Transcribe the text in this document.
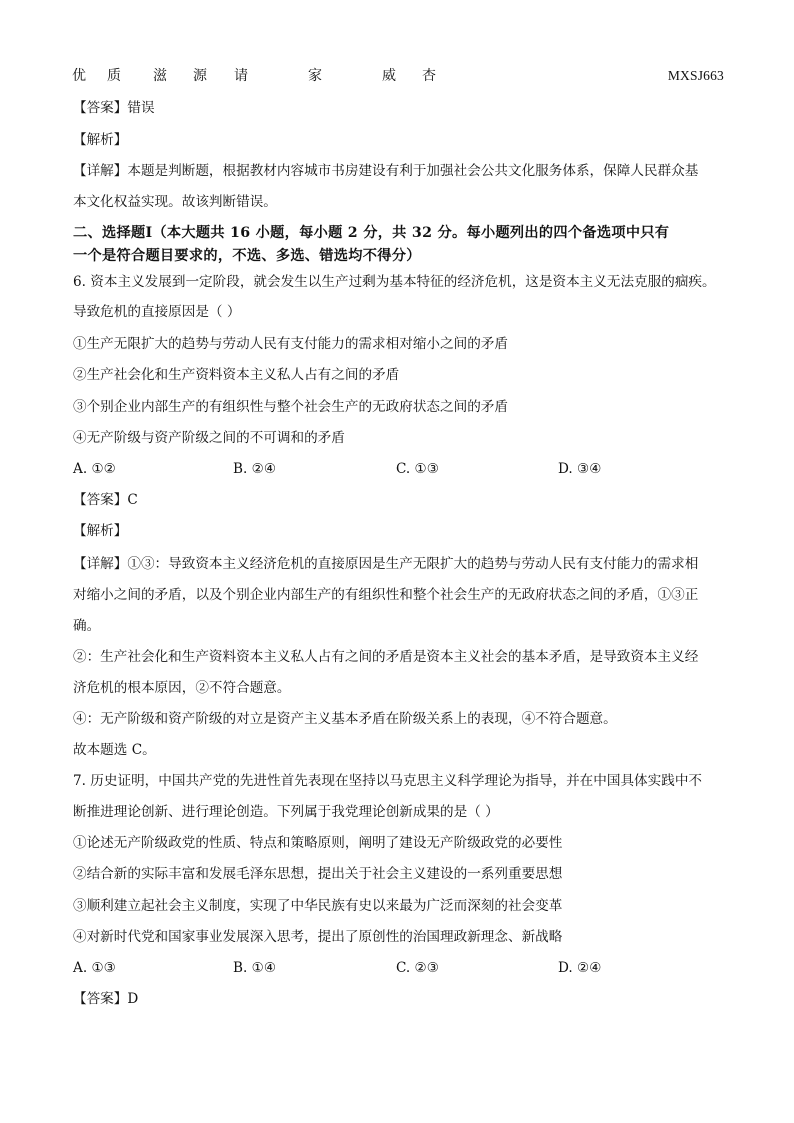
优 质 滋 源 请	家	威 杏	MXSJ663
【答案】错误
【解析】
【详解】本题是判断题，根据教材内容城市书房建设有利于加强社会公共文化服务体系，保障人民群众基
本文化权益实现。故该判断错误。
二、选择题Ⅰ（本大题共 16 小题，每小题 2 分，共 32 分。每小题列出的四个备选项中只有
一个是符合题目要求的，不选、多选、错选均不得分）
6. 资本主义发展到一定阶段，就会发生以生产过剩为基本特征的经济危机，这是资本主义无法克服的痼疾。
导致危机的直接原因是（ ）
①生产无限扩大的趋势与劳动人民有支付能力的需求相对缩小之间的矛盾
②生产社会化和生产资料资本主义私人占有之间的矛盾
③个别企业内部生产的有组织性与整个社会生产的无政府状态之间的矛盾
④无产阶级与资产阶级之间的不可调和的矛盾
A. ①②	B. ②④	C. ①③	D. ③④
【答案】C
【解析】
【详解】①③：导致资本主义经济危机的直接原因是生产无限扩大的趋势与劳动人民有支付能力的需求相
对缩小之间的矛盾，以及个别企业内部生产的有组织性和整个社会生产的无政府状态之间的矛盾，①③正
确。
②：生产社会化和生产资料资本主义私人占有之间的矛盾是资本主义社会的基本矛盾，是导致资本主义经
济危机的根本原因，②不符合题意。
④：无产阶级和资产阶级的对立是资产主义基本矛盾在阶级关系上的表现，④不符合题意。
故本题选 C。
7. 历史证明，中国共产党的先进性首先表现在坚持以马克思主义科学理论为指导，并在中国具体实践中不
断推进理论创新、进行理论创造。下列属于我党理论创新成果的是（ ）
①论述无产阶级政党的性质、特点和策略原则，阐明了建设无产阶级政党的必要性
②结合新的实际丰富和发展毛泽东思想，提出关于社会主义建设的一系列重要思想
③顺利建立起社会主义制度，实现了中华民族有史以来最为广泛而深刻的社会变革
④对新时代党和国家事业发展深入思考，提出了原创性的治国理政新理念、新战略
A. ①③	B. ①④	C. ②③	D. ②④
【答案】D
